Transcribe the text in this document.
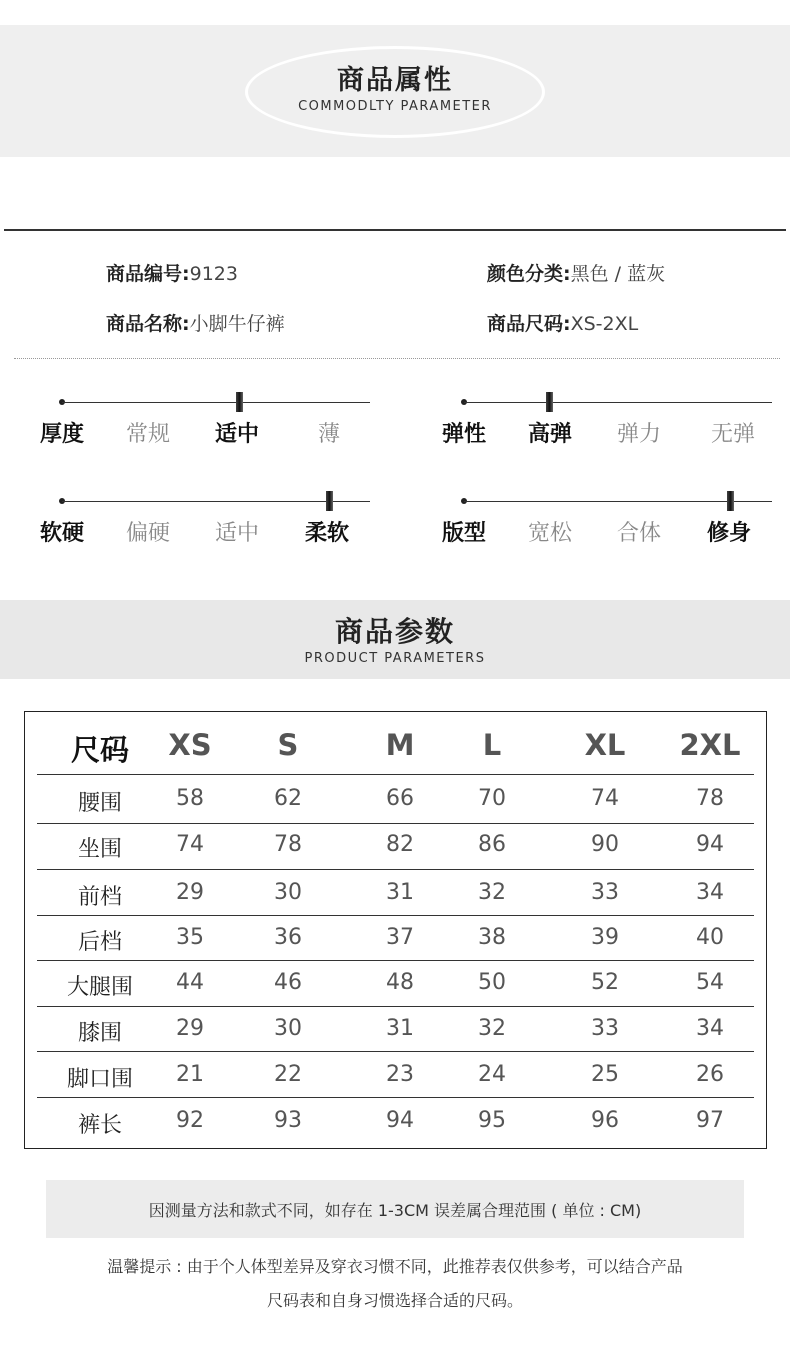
商品属性
COMMODLTY PARAMETER
商品编号:9123	颜色分类:黑色 / 蓝灰
商品名称:小脚牛仔裤	商品尺码:XS-2XL
厚度	常规	适中	薄	弹性	高弹	弹力	无弹
软硬	偏硬	适中	柔软	版型	宽松	合体	修身
商品参数
PRODUCT PARAMETERS
尺码	XS	S	M	L	XL	2XL
腰围	58	62	66	70	74	78
坐围	74	78	82	86	90	94
前档	29	30	31	32	33	34
后档	35	36	37	38	39	40
大腿围	44	46	48	50	52	54
膝围	29	30	31	32	33	34
脚口围	21	22	23	24	25	26
裤长	92	93	94	95	96	97
因测量方法和款式不同，如存在 1-3CM 误差属合理范围 ( 单位 : CM)
温馨提示 : 由于个人体型差异及穿衣习惯不同，此推荐表仅供参考，可以结合产品
尺码表和自身习惯选择合适的尺码。
